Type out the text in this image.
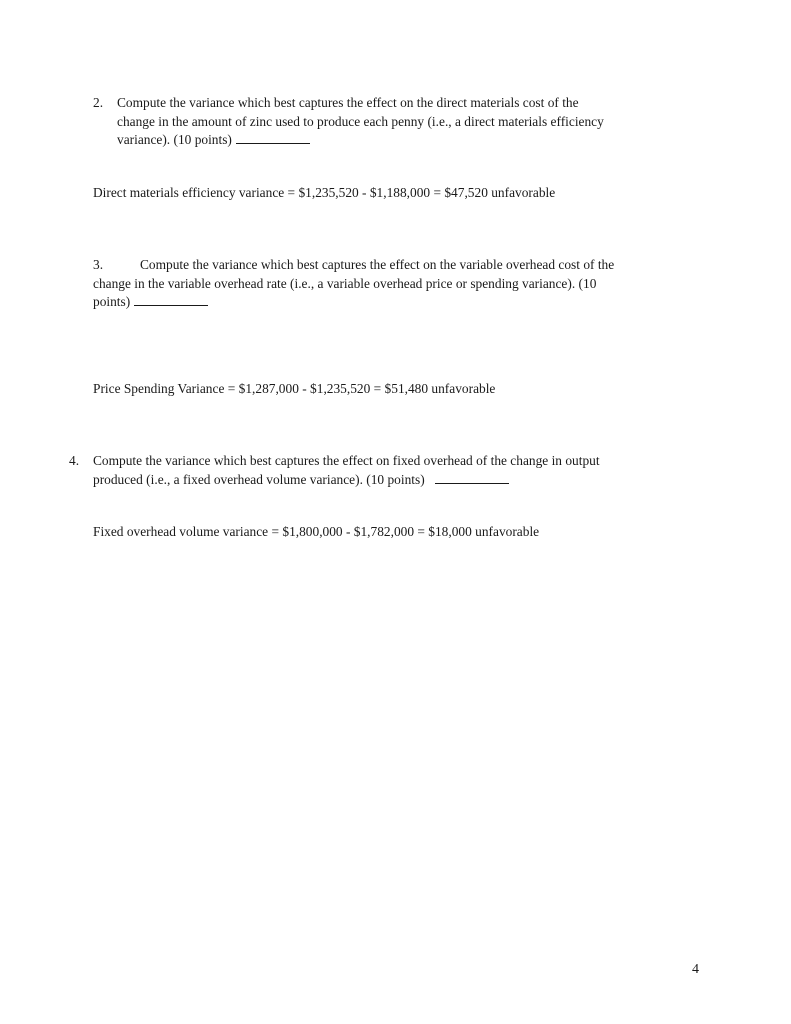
2. Compute the variance which best captures the effect on the direct materials cost of the
change in the amount of zinc used to produce each penny (i.e., a direct materials efficiency
variance). (10 points)
Direct materials efficiency variance = $1,235,520 - $1,188,000 = $47,520 unfavorable
3.	Compute the variance which best captures the effect on the variable overhead cost of the
change in the variable overhead rate (i.e., a variable overhead price or spending variance). (10
points)
Price Spending Variance = $1,287,000 - $1,235,520 = $51,480 unfavorable
4. Compute the variance which best captures the effect on fixed overhead of the change in output
produced (i.e., a fixed overhead volume variance). (10 points)
Fixed overhead volume variance = $1,800,000 - $1,782,000 = $18,000 unfavorable
4
